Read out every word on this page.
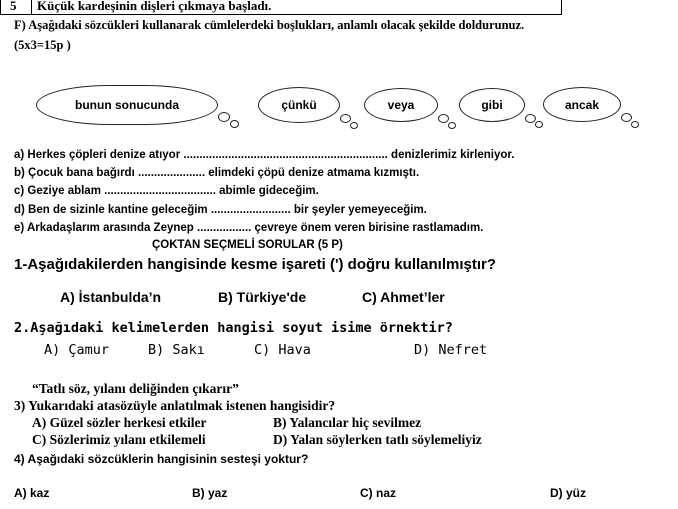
5 Küçük kardeşinin dişleri çıkmaya başladı.
F) Aşağıdaki sözcükleri kullanarak cümlelerdeki boşlukları, anlamlı olacak şekilde doldurunuz.
(5x3=15p )
bunun sonucunda	çünkü	veya	gibi	ancak
a) Herkes çöpleri denize atıyor ................................................................ denizlerimiz kirleniyor.
b) Çocuk bana bağırdı ..................... elimdeki çöpü denize atmama kızmıştı.
c) Geziye ablam ................................... abimle gideceğim.
d) Ben de sizinle kantine geleceğim ......................... bir şeyler yemeyeceğim.
e) Arkadaşlarım arasında Zeynep ................. çevreye önem veren birisine rastlamadım.
ÇOKTAN SEÇMELİ SORULAR (5 P)
1-Aşağıdakilerden hangisinde kesme işareti (') doğru kullanılmıştır?
A) İstanbulda’n	B) Türkiye'de	C) Ahmet’ler
2.Aşağıdaki kelimelerden hangisi soyut isime örnektir?
A) Çamur	B) Sakı	C) Hava	D) Nefret
“Tatlı söz, yılanı deliğinden çıkarır”
3) Yukarıdaki atasözüyle anlatılmak istenen hangisidir?
A) Güzel sözler herkesi etkiler	B) Yalancılar hiç sevilmez
C) Sözlerimiz yılanı etkilemeli	D) Yalan söylerken tatlı söylemeliyiz
4) Aşağıdaki sözcüklerin hangisinin sesteşi yoktur?
A) kaz	B) yaz	C) naz	D) yüz
